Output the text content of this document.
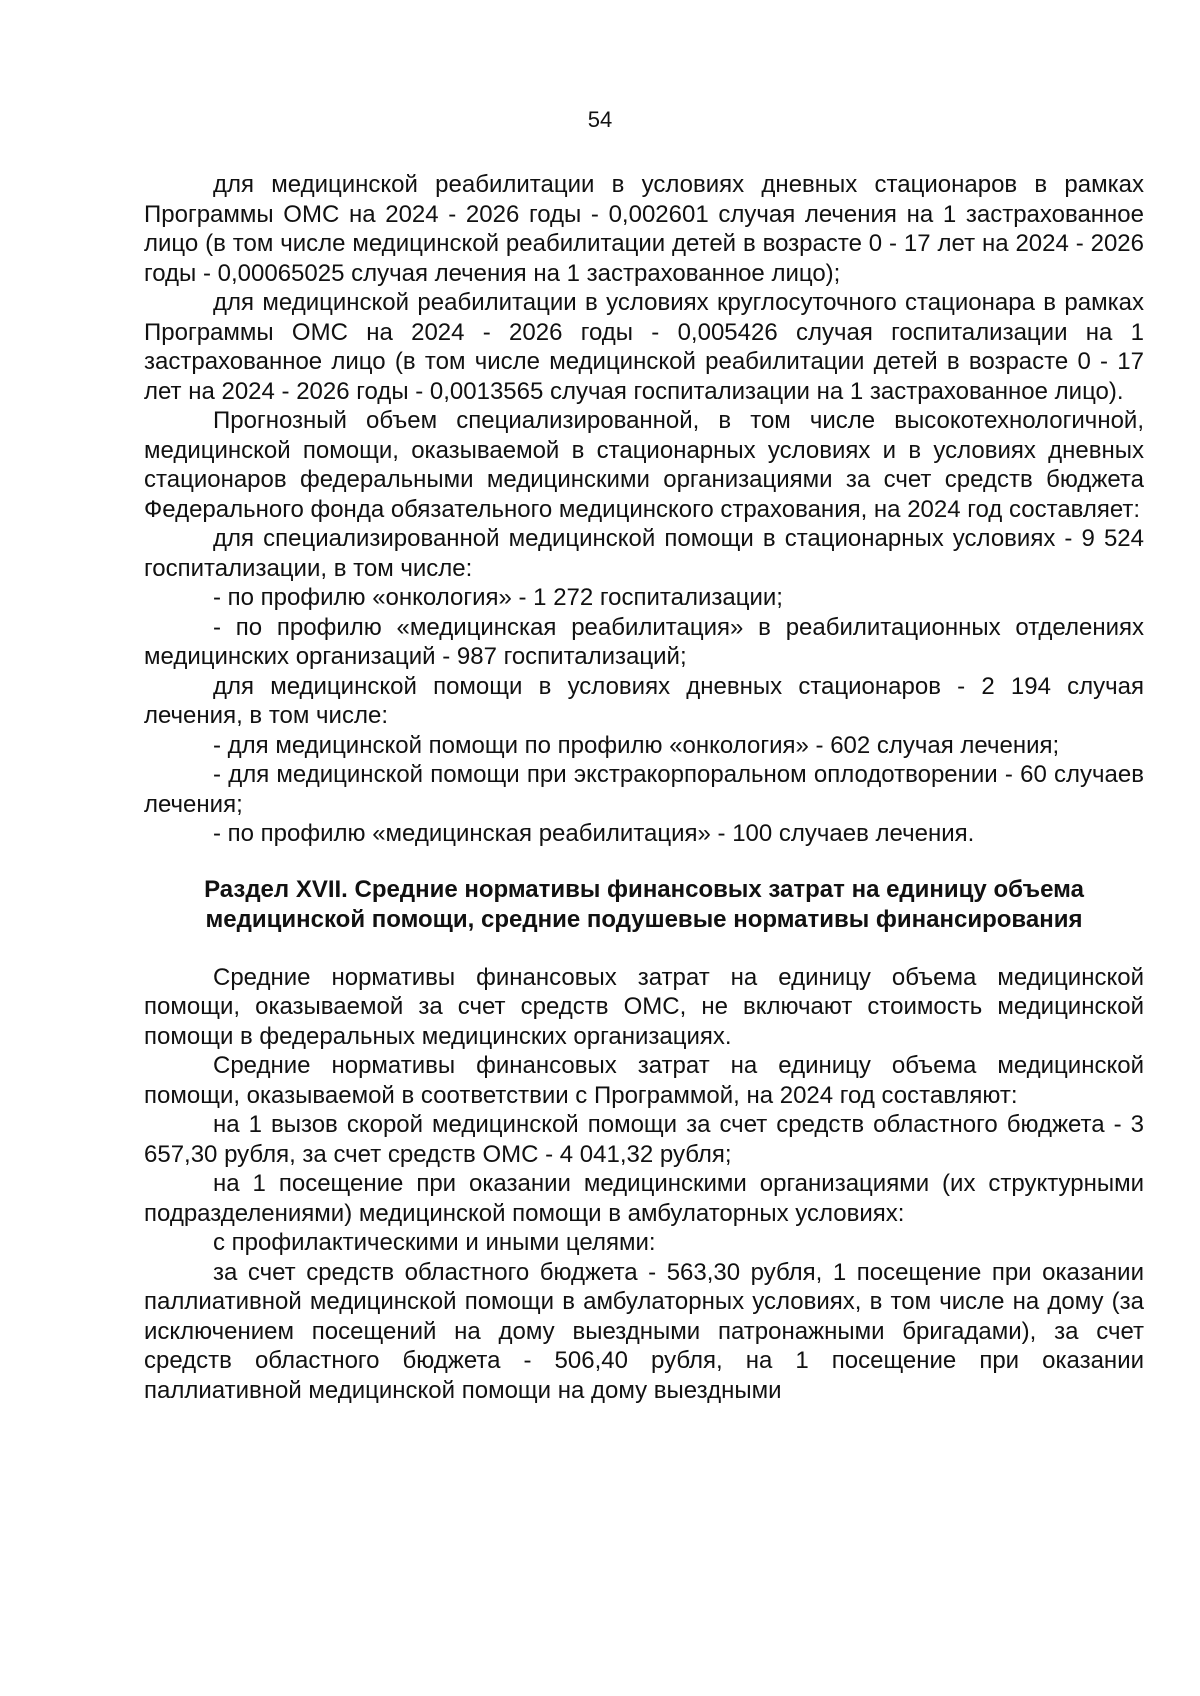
54

для медицинской реабилитации в условиях дневных стационаров в рамках Программы ОМС на 2024 - 2026 годы - 0,002601 случая лечения на 1 застрахованное лицо (в том числе медицинской реабилитации детей в возрасте 0 - 17 лет на 2024 - 2026 годы - 0,00065025 случая лечения на 1 застрахованное лицо);

для медицинской реабилитации в условиях круглосуточного стационара в рамках Программы ОМС на 2024 - 2026 годы - 0,005426 случая госпитализации на 1 застрахованное лицо (в том числе медицинской реабилитации детей в возрасте 0 - 17 лет на 2024 - 2026 годы - 0,0013565 случая госпитализации на 1 застрахованное лицо).

Прогнозный объем специализированной, в том числе высокотехнологичной, медицинской помощи, оказываемой в стационарных условиях и в условиях дневных стационаров федеральными медицинскими организациями за счет средств бюджета Федерального фонда обязательного медицинского страхования, на 2024 год составляет:

для специализированной медицинской помощи в стационарных условиях - 9 524 госпитализации, в том числе:

- по профилю «онкология» - 1 272 госпитализации;

- по профилю «медицинская реабилитация» в реабилитационных отделениях медицинских организаций - 987 госпитализаций;

для медицинской помощи в условиях дневных стационаров - 2 194 случая лечения, в том числе:

- для медицинской помощи по профилю «онкология» - 602 случая лечения;

- для медицинской помощи при экстракорпоральном оплодотворении - 60 случаев лечения;

- по профилю «медицинская реабилитация» - 100 случаев лечения.

Раздел XVII. Средние нормативы финансовых затрат на единицу объема
медицинской помощи, средние подушевые нормативы финансирования

Средние нормативы финансовых затрат на единицу объема медицинской помощи, оказываемой за счет средств ОМС, не включают стоимость медицинской помощи в федеральных медицинских организациях.

Средние нормативы финансовых затрат на единицу объема медицинской помощи, оказываемой в соответствии с Программой, на 2024 год составляют:

на 1 вызов скорой медицинской помощи за счет средств областного бюджета - 3 657,30 рубля, за счет средств ОМС - 4 041,32 рубля;

на 1 посещение при оказании медицинскими организациями (их структурными подразделениями) медицинской помощи в амбулаторных условиях:

с профилактическими и иными целями:

за счет средств областного бюджета - 563,30 рубля, 1 посещение при оказании паллиативной медицинской помощи в амбулаторных условиях, в том числе на дому (за исключением посещений на дому выездными патронажными бригадами), за счет средств областного бюджета - 506,40 рубля, на 1 посещение при оказании паллиативной медицинской помощи на дому выездными
